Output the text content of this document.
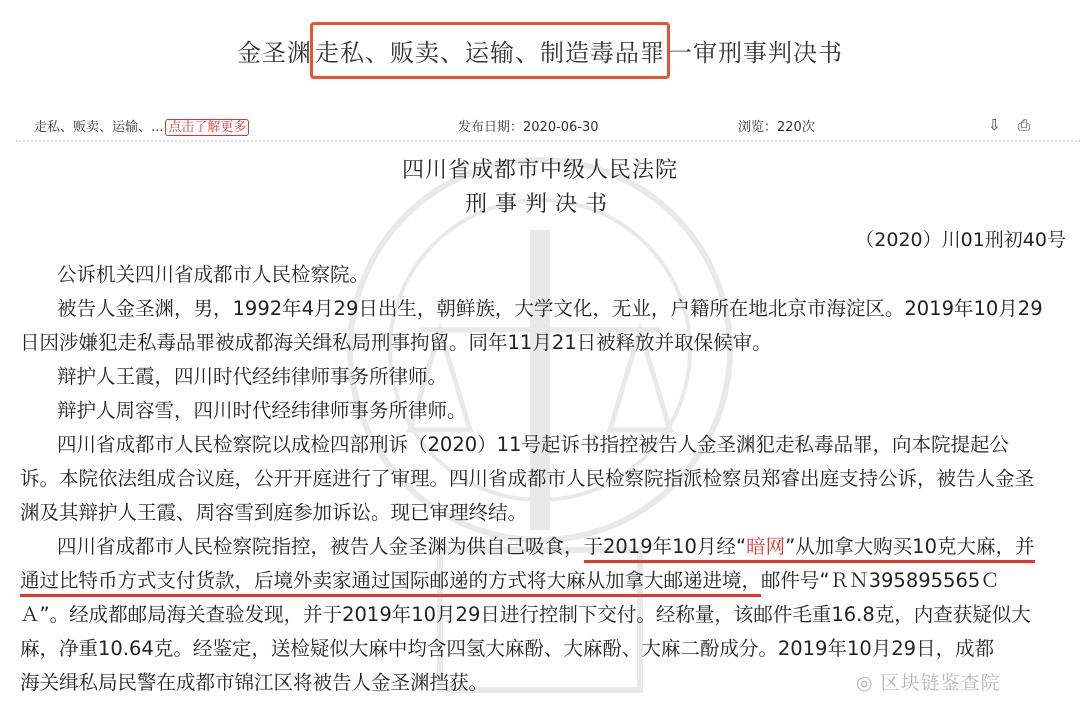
金圣渊 走私、贩卖、运输、制造毒品罪 一审刑事判决书
走私、贩卖、运输、... 点击了解更多	发布日期：2020-06-30	浏览：220次	⇩ ⎙
四川省成都市中级人民法院
刑事判决书
（2020）川01刑初40号
公诉机关四川省成都市人民检察院。
被告人金圣渊，男，1992年4月29日出生，朝鲜族，大学文化，无业，户籍所在地北京市海淀区。2019年10月29
日因涉嫌犯走私毒品罪被成都海关缉私局刑事拘留。同年11月21日被释放并取保候审。
辩护人王霞，四川时代经纬律师事务所律师。
辩护人周容雪，四川时代经纬律师事务所律师。
四川省成都市人民检察院以成检四部刑诉（2020）11号起诉书指控被告人金圣渊犯走私毒品罪，向本院提起公
诉。本院依法组成合议庭，公开开庭进行了审理。四川省成都市人民检察院指派检察员郑睿出庭支持公诉，被告人金圣
渊及其辩护人王霞、周容雪到庭参加诉讼。现已审理终结。
四川省成都市人民检察院指控，被告人金圣渊为供自己吸食，于2019年10月经“暗网”从加拿大购买10克大麻，并
通过比特币方式支付货款，后境外卖家通过国际邮递的方式将大麻从加拿大邮递进境，邮件号“ＲＮ395895565Ｃ
Ａ”。经成都邮局海关查验发现，并于2019年10月29日进行控制下交付。经称量，该邮件毛重16.8克，内查获疑似大
麻，净重10.64克。经鉴定，送检疑似大麻中均含四氢大麻酚、大麻酚、大麻二酚成分。2019年10月29日，成都
海关缉私局民警在成都市锦江区将被告人金圣渊挡获。	◎ 区块链鉴查院
